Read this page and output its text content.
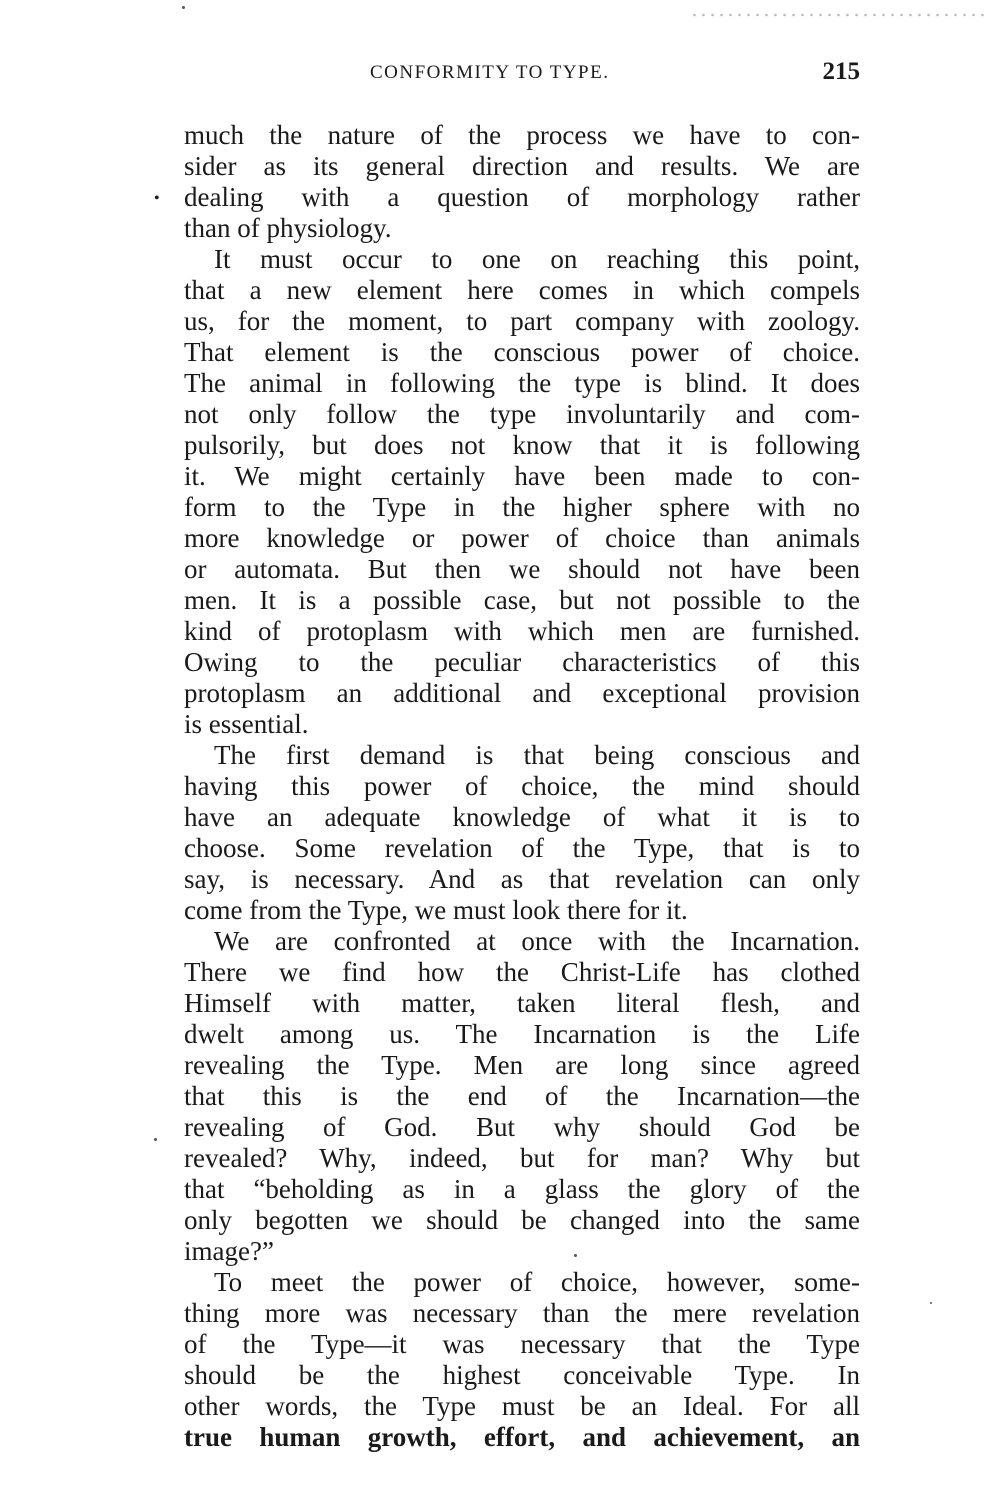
CONFORMITY TO TYPE.	215
•
much the nature of the process we have to con-
sider as its general direction and results. We are
dealing with a question of morphology rather
than of physiology.
It must occur to one on reaching this point,
that a new element here comes in which compels
us, for the moment, to part company with zoology.
That element is the conscious power of choice.
The animal in following the type is blind. It does
not only follow the type involuntarily and com-
pulsorily, but does not know that it is following
it. We might certainly have been made to con-
form to the Type in the higher sphere with no
more knowledge or power of choice than animals
or automata. But then we should not have been
men. It is a possible case, but not possible to the
kind of protoplasm with which men are furnished.
Owing to the peculiar characteristics of this
protoplasm an additional and exceptional provision
is essential.
The first demand is that being conscious and
having this power of choice, the mind should
have an adequate knowledge of what it is to
choose. Some revelation of the Type, that is to
say, is necessary. And as that revelation can only
come from the Type, we must look there for it.
We are confronted at once with the Incarnation.
There we find how the Christ-Life has clothed
Himself with matter, taken literal flesh, and
dwelt among us. The Incarnation is the Life
revealing the Type. Men are long since agreed
that this is the end of the Incarnation—the
revealing of God. But why should God be
revealed? Why, indeed, but for man? Why but
that “beholding as in a glass the glory of the
only begotten we should be changed into the same
image?”
To meet the power of choice, however, some-
thing more was necessary than the mere revelation
of the Type—it was necessary that the Type
should be the highest conceivable Type. In
other words, the Type must be an Ideal. For all
true human growth, effort, and achievement, an
